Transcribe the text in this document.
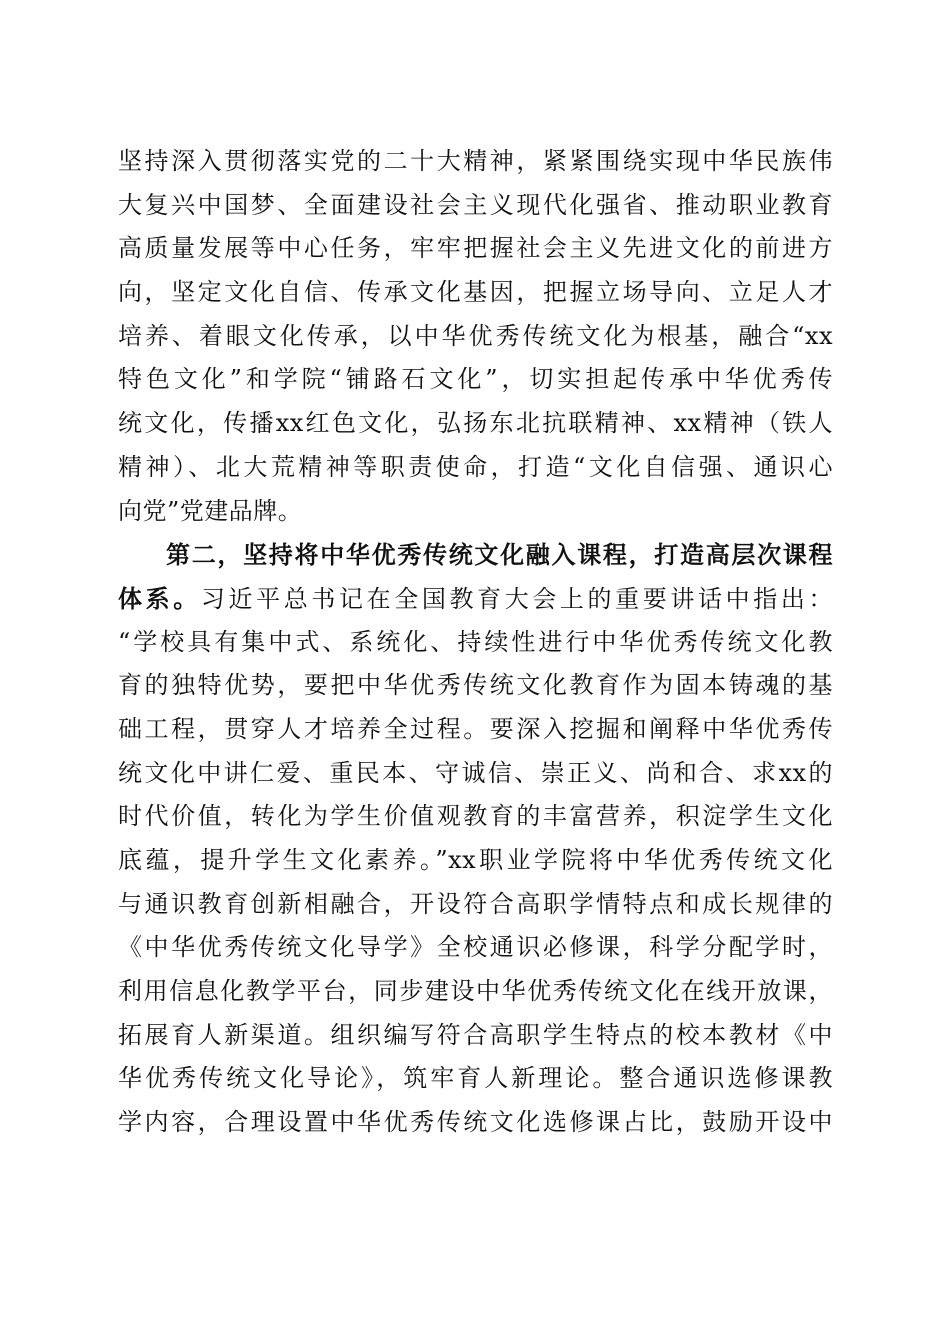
坚持深入贯彻落实党的二十大精神，紧紧围绕实现中华民族伟
大复兴中国梦、全面建设社会主义现代化强省、推动职业教育
高质量发展等中心任务，牢牢把握社会主义先进文化的前进方
向，坚定文化自信、传承文化基因，把握立场导向、立足人才
培养、着眼文化传承，以中华优秀传统文化为根基，融合“xx
特色文化”和学院“铺路石文化”，切实担起传承中华优秀传
统文化，传播xx红色文化，弘扬东北抗联精神、xx精神（铁人
精神）、北大荒精神等职责使命，打造“文化自信强、通识心
向党”党建品牌。
第二，坚持将中华优秀传统文化融入课程，打造高层次课程
体系。习近平总书记在全国教育大会上的重要讲话中指出：
“学校具有集中式、系统化、持续性进行中华优秀传统文化教
育的独特优势，要把中华优秀传统文化教育作为固本铸魂的基
础工程，贯穿人才培养全过程。要深入挖掘和阐释中华优秀传
统文化中讲仁爱、重民本、守诚信、崇正义、尚和合、求xx的
时代价值，转化为学生价值观教育的丰富营养，积淀学生文化
底蕴，提升学生文化素养。”xx职业学院将中华优秀传统文化
与通识教育创新相融合，开设符合高职学情特点和成长规律的
《中华优秀传统文化导学》全校通识必修课，科学分配学时，
利用信息化教学平台，同步建设中华优秀传统文化在线开放课，
拓展育人新渠道。组织编写符合高职学生特点的校本教材《中
华优秀传统文化导论》，筑牢育人新理论。整合通识选修课教
学内容，合理设置中华优秀传统文化选修课占比，鼓励开设中
